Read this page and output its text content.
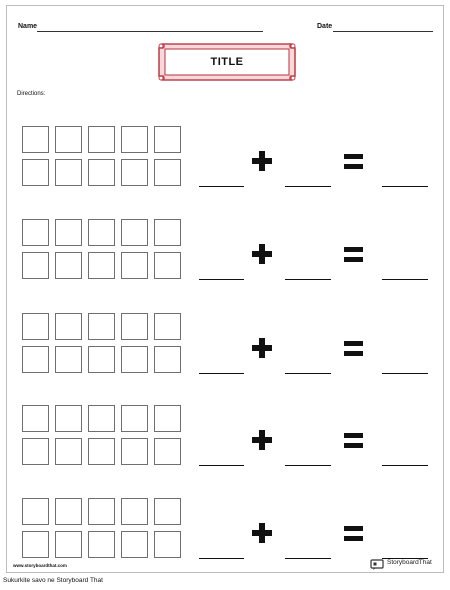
Name	Date
TITLE
Directions:
www.storyboardthat.com	StoryboardThat
Sukurkite savo ne Storyboard That
